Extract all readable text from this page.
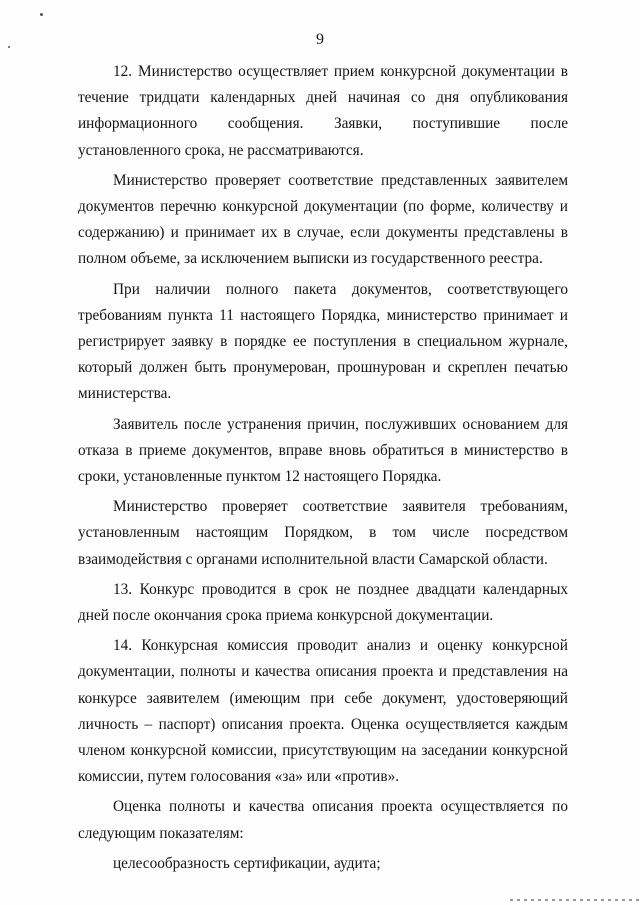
9

12. Министерство осуществляет прием конкурсной документации в течение тридцати календарных дней начиная со дня опубликования информационного сообщения. Заявки, поступившие после установленного срока, не рассматриваются.

Министерство проверяет соответствие представленных заявителем документов перечню конкурсной документации (по форме, количеству и содержанию) и принимает их в случае, если документы представлены в полном объеме, за исключением выписки из государственного реестра.

При наличии полного пакета документов, соответствующего требованиям пункта 11 настоящего Порядка, министерство принимает и регистрирует заявку в порядке ее поступления в специальном журнале, который должен быть пронумерован, прошнурован и скреплен печатью министерства.

Заявитель после устранения причин, послуживших основанием для отказа в приеме документов, вправе вновь обратиться в министерство в сроки, установленные пунктом 12 настоящего Порядка.

Министерство проверяет соответствие заявителя требованиям, установленным настоящим Порядком, в том числе посредством взаимодействия с органами исполнительной власти Самарской области.

13. Конкурс проводится в срок не позднее двадцати календарных дней после окончания срока приема конкурсной документации.

14. Конкурсная комиссия проводит анализ и оценку конкурсной документации, полноты и качества описания проекта и представления на конкурсе заявителем (имеющим при себе документ, удостоверяющий личность – паспорт) описания проекта. Оценка осуществляется каждым членом конкурсной комиссии, присутствующим на заседании конкурсной комиссии, путем голосования «за» или «против».

Оценка полноты и качества описания проекта осуществляется по следующим показателям:

целесообразность сертификации, аудита;
